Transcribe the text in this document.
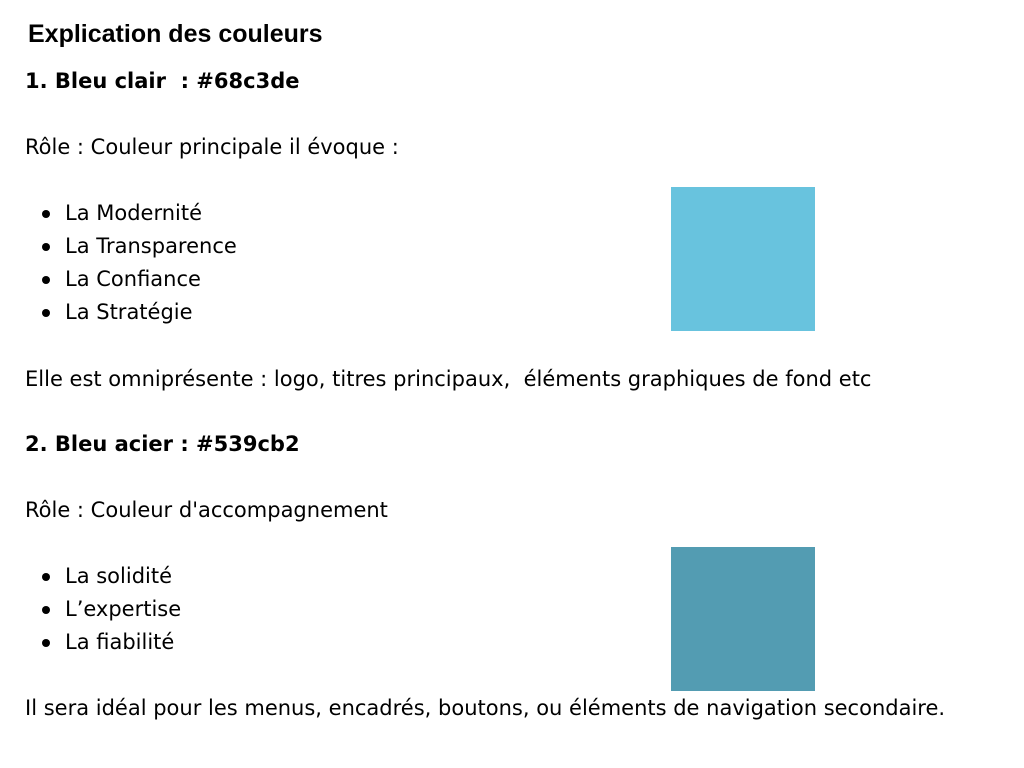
Explication des couleurs

1. Bleu clair  : #68c3de

Rôle : Couleur principale il évoque :

La Modernité
La Transparence
La Confiance
La Stratégie

Elle est omniprésente : logo, titres principaux,  éléments graphiques de fond etc

2. Bleu acier : #539cb2

Rôle : Couleur d'accompagnement

La solidité
L’expertise
La fiabilité

Il sera idéal pour les menus, encadrés, boutons, ou éléments de navigation secondaire.
